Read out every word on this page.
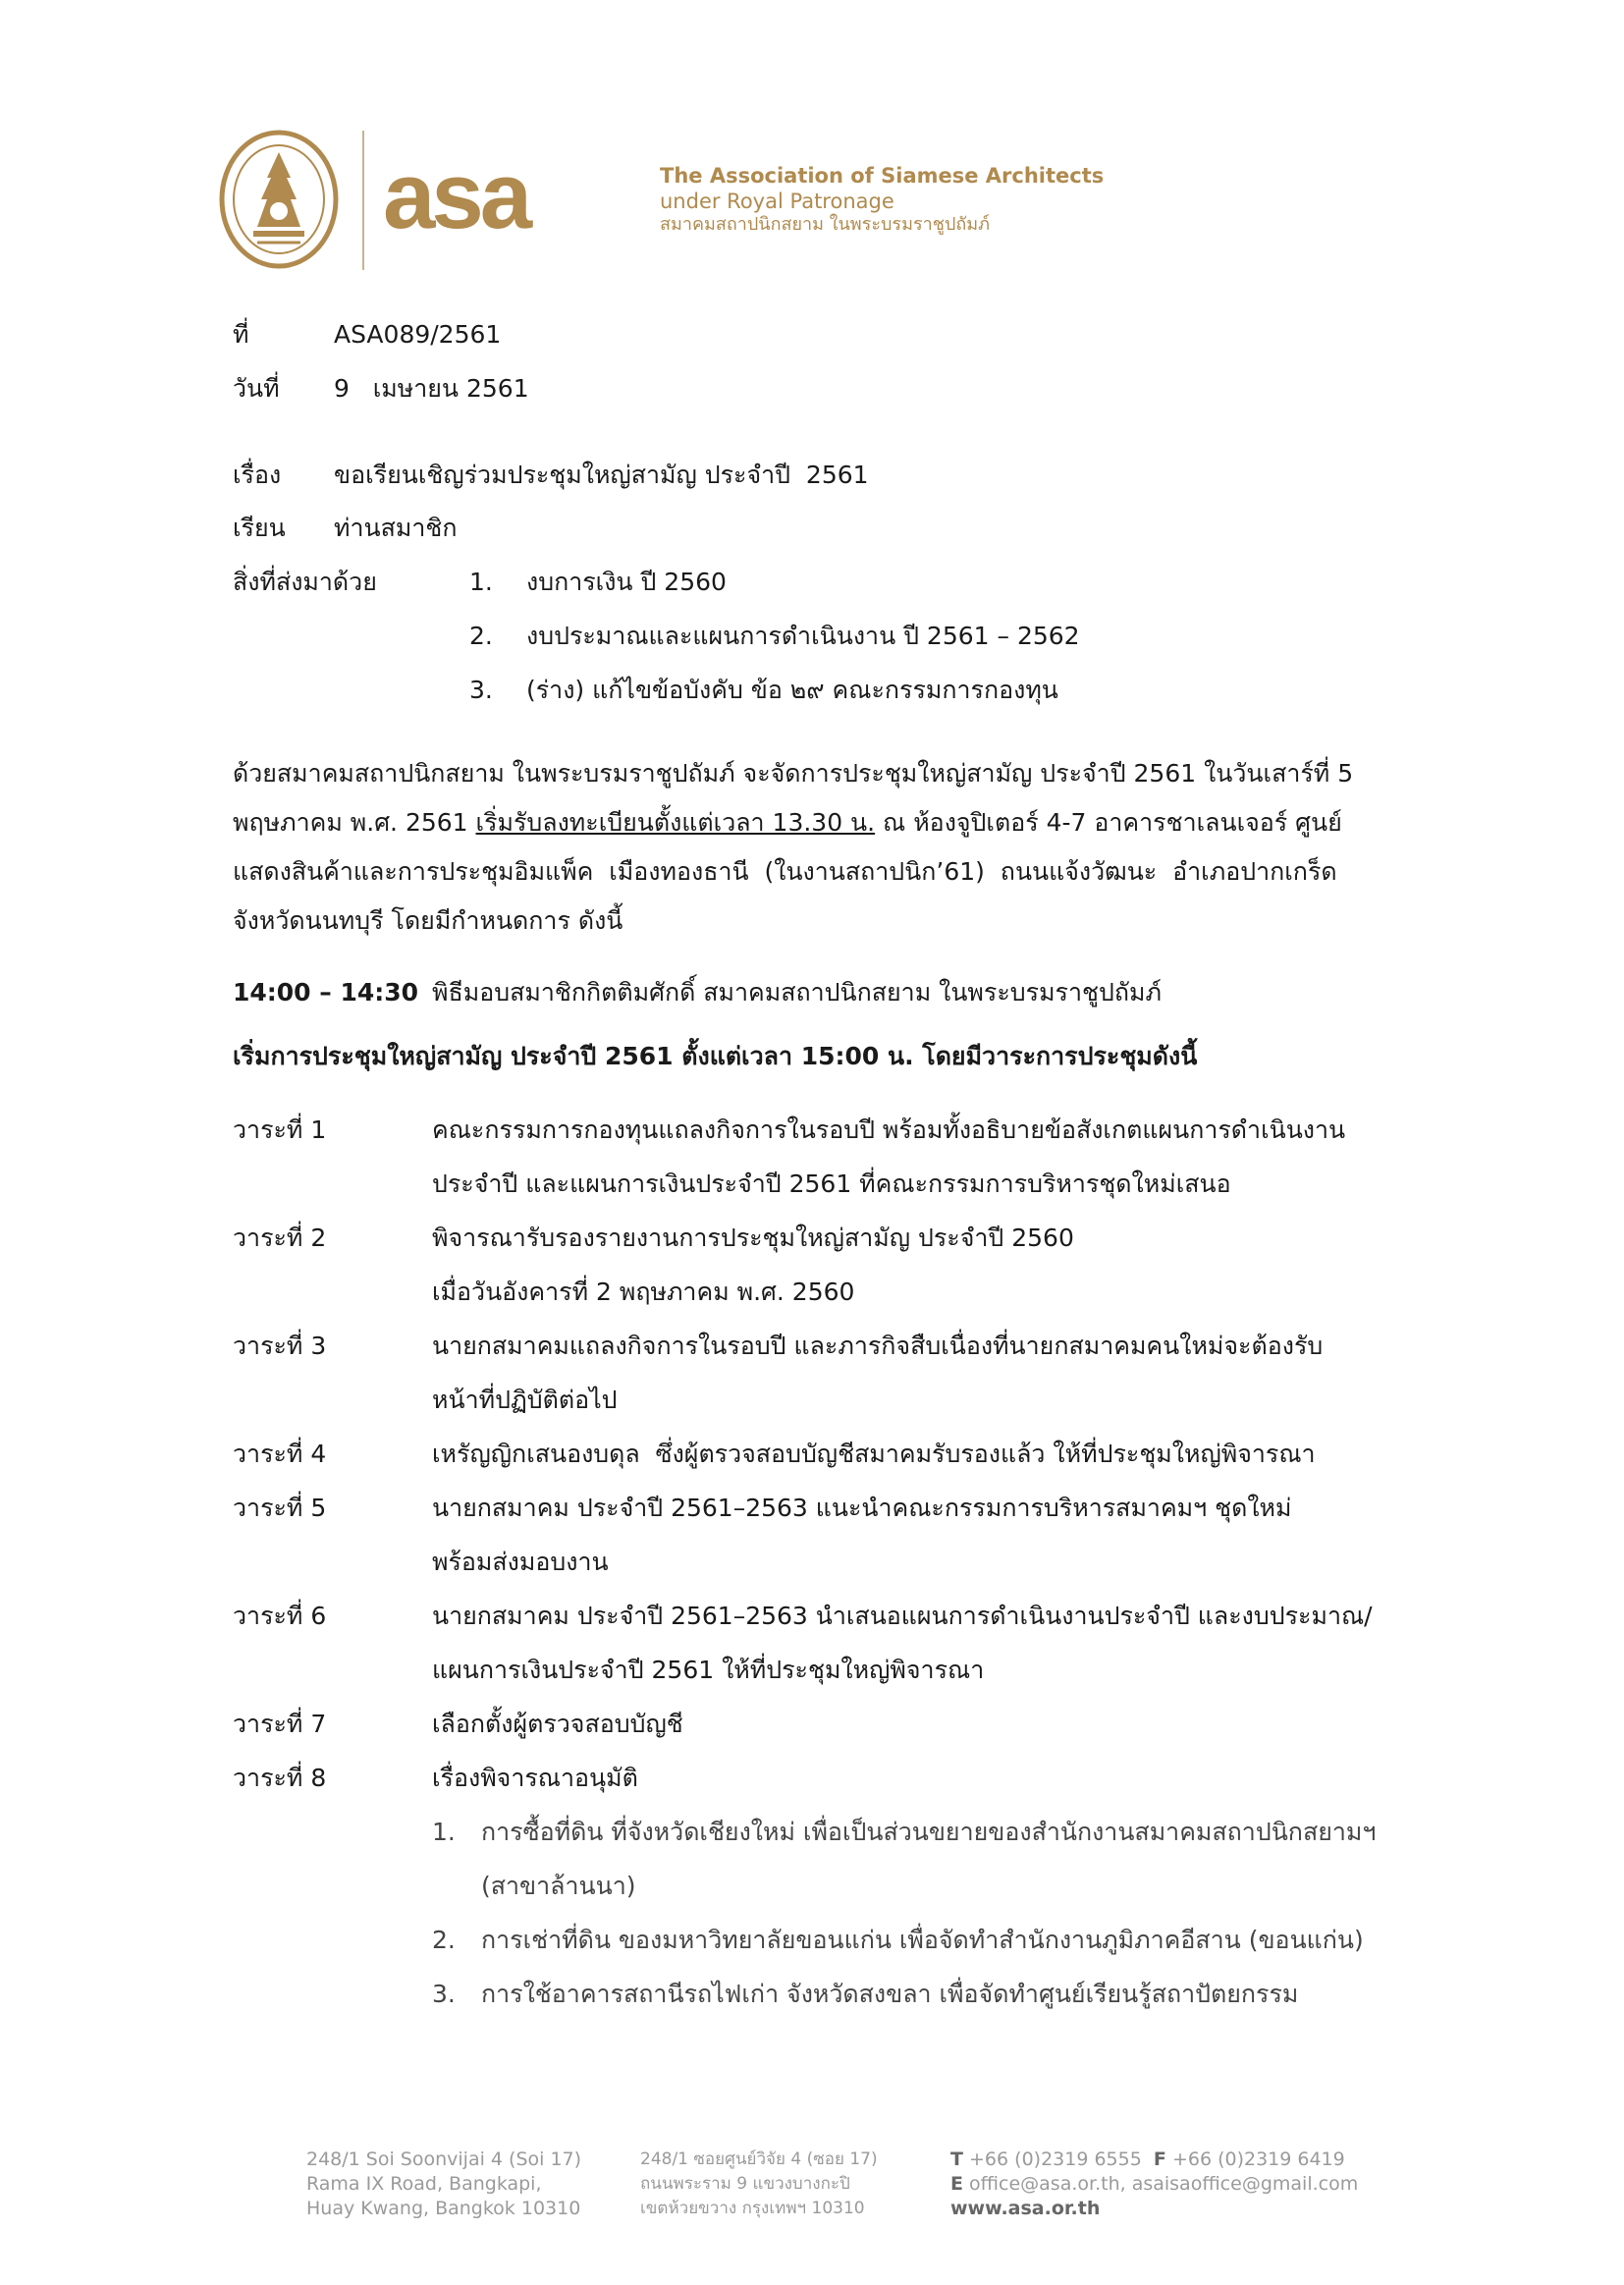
asa	The Association of Siamese Architects
under Royal Patronage
สมาคมสถาปนิกสยาม ในพระบรมราชูปถัมภ์
ที่	ASA089/2561
วันที่ 9   เมษายน 2561
เรื่อง ขอเรียนเชิญร่วมประชุมใหญ่สามัญ ประจำปี  2561
เรียน ท่านสมาชิก
สิ่งที่ส่งมาด้วย	1. งบการเงิน ปี 2560
2. งบประมาณและแผนการดำเนินงาน ปี 2561 – 2562
3. (ร่าง) แก้ไขข้อบังคับ ข้อ ๒๙ คณะกรรมการกองทุน
ด้วยสมาคมสถาปนิกสยาม ในพระบรมราชูปถัมภ์ จะจัดการประชุมใหญ่สามัญ ประจำปี 2561 ในวันเสาร์ที่ 5
พฤษภาคม พ.ศ. 2561 เริ่มรับลงทะเบียนตั้งแต่เวลา 13.30 น. ณ ห้องจูปิเตอร์ 4-7 อาคารชาเลนเจอร์ ศูนย์
แสดงสินค้าและการประชุมอิมแพ็ค  เมืองทองธานี  (ในงานสถาปนิก’61)  ถนนแจ้งวัฒนะ  อำเภอปากเกร็ด
จังหวัดนนทบุรี โดยมีกำหนดการ ดังนี้
14:00 – 14:30 พิธีมอบสมาชิกกิตติมศักดิ์ สมาคมสถาปนิกสยาม ในพระบรมราชูปถัมภ์
เริ่มการประชุมใหญ่สามัญ ประจำปี 2561 ตั้งแต่เวลา 15:00 น. โดยมีวาระการประชุมดังนี้
วาระที่ 1	คณะกรรมการกองทุนแถลงกิจการในรอบปี พร้อมทั้งอธิบายข้อสังเกตแผนการดำเนินงาน
ประจำปี และแผนการเงินประจำปี 2561 ที่คณะกรรมการบริหารชุดใหม่เสนอ
วาระที่ 2	พิจารณารับรองรายงานการประชุมใหญ่สามัญ ประจำปี 2560
เมื่อวันอังคารที่ 2 พฤษภาคม พ.ศ. 2560
วาระที่ 3	นายกสมาคมแถลงกิจการในรอบปี และภารกิจสืบเนื่องที่นายกสมาคมคนใหม่จะต้องรับ
หน้าที่ปฏิบัติต่อไป
วาระที่ 4	เหรัญญิกเสนองบดุล  ซึ่งผู้ตรวจสอบบัญชีสมาคมรับรองแล้ว ให้ที่ประชุมใหญ่พิจารณา
วาระที่ 5	นายกสมาคม ประจำปี 2561–2563 แนะนำคณะกรรมการบริหารสมาคมฯ ชุดใหม่
พร้อมส่งมอบงาน
วาระที่ 6	นายกสมาคม ประจำปี 2561–2563 นำเสนอแผนการดำเนินงานประจำปี และงบประมาณ/
แผนการเงินประจำปี 2561 ให้ที่ประชุมใหญ่พิจารณา
วาระที่ 7	เลือกตั้งผู้ตรวจสอบบัญชี
วาระที่ 8	เรื่องพิจารณาอนุมัติ
1. การซื้อที่ดิน ที่จังหวัดเชียงใหม่ เพื่อเป็นส่วนขยายของสำนักงานสมาคมสถาปนิกสยามฯ
(สาขาล้านนา)
2. การเช่าที่ดิน ของมหาวิทยาลัยขอนแก่น เพื่อจัดทำสำนักงานภูมิภาคอีสาน (ขอนแก่น)
3. การใช้อาคารสถานีรถไฟเก่า จังหวัดสงขลา เพื่อจัดทำศูนย์เรียนรู้สถาปัตยกรรม
248/1 Soi Soonvijai 4 (Soi 17)
Rama IX Road, Bangkapi,
Huay Kwang, Bangkok 10310
248/1 ซอยศูนย์วิจัย 4 (ซอย 17)
ถนนพระราม 9 แขวงบางกะปิ
เขตห้วยขวาง กรุงเทพฯ 10310
T +66 (0)2319 6555 F +66 (0)2319 6419
E office@asa.or.th, asaisaoffice@gmail.com
www.asa.or.th
